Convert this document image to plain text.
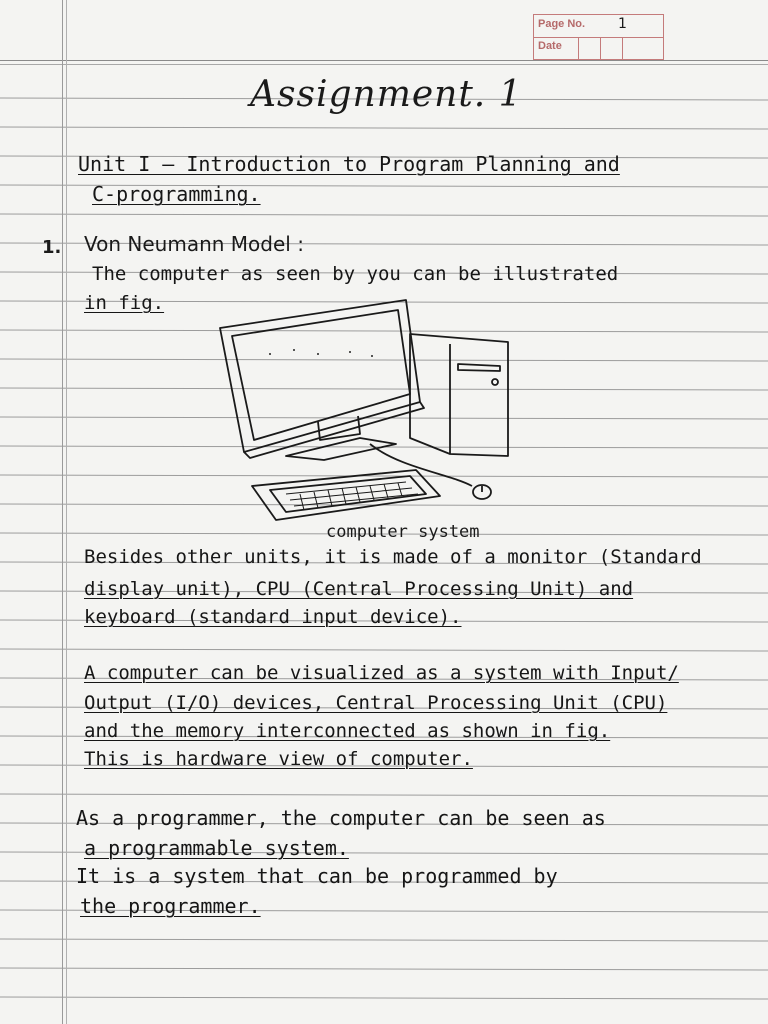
Page No. 1
Date
Assignment. 1
Unit I – Introduction to Program Planning and
C-programming.
1. Von Neumann Model :
The computer as seen by you can be illustrated
in fig.
computer system
Besides other units, it is made of a monitor (Standard
display unit), CPU (Central Processing Unit) and
keyboard (standard input device).
A computer can be visualized as a system with Input/
Output (I/O) devices, Central Processing Unit (CPU)
and the memory interconnected as shown in fig.
This is hardware view of computer.
As a programmer, the computer can be seen as
a programmable system.
It is a system that can be programmed by
the programmer.
